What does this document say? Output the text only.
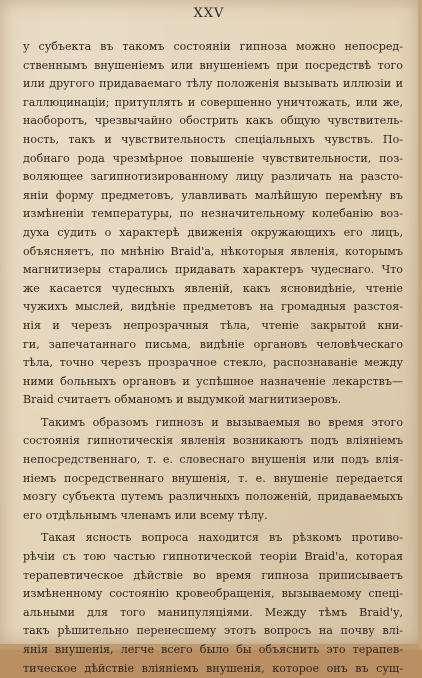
XXV
у субъекта въ такомъ состояніи гипноза можно непосред-
ственнымъ внушеніемъ или внушеніемъ при посредствѣ того
или другого придаваемаго тѣлу положенія вызывать иллюзіи и
галлюцинаціи; притуплять и совершенно уничтожать, или же,
наоборотъ, чрезвычайно обострить какъ общую чувствитель-
ность, такъ и чувствительность спеціальныхъ чувствъ. По-
добнаго рода чрезмѣрное повышеніе чувствительности, поз-
воляющее загипнотизированному лицу различать на разсто-
яніи форму предметовъ, улавливать малѣйшую перемѣну въ
измѣненіи температуры, по незначительному колебанію воз-
духа судить о характерѣ движенія окружающихъ его лицъ,
объясняетъ, по мнѣнію Braid'a, нѣкоторыя явленія, которымъ
магнитизеры старались придавать характеръ чудеснаго. Что
же касается чудесныхъ явленій, какъ ясновидѣніе, чтеніе
чужихъ мыслей, видѣніе предметовъ на громадныя разстоя-
нія и черезъ непрозрачныя тѣла, чтеніе закрытой кни-
ги, запечатаннаго письма, видѣніе органовъ человѣческаго
тѣла, точно черезъ прозрачное стекло, распознаваніе между
ними больныхъ органовъ и успѣшное назначеніе лекарствъ—
Braid считаетъ обманомъ и выдумкой магнитизеровъ.
Такимъ образомъ гипнозъ и вызываемыя во время этого
состоянія гипнотическія явленія возникаютъ подъ вліяніемъ
непосредственнаго, т. е. словеснаго внушенія или подъ влія-
ніемъ посредственнаго внушенія, т. е. внушеніе передается
мозгу субъекта путемъ различныхъ положеній, придаваемыхъ
его отдѣльнымъ членамъ или всему тѣлу.
Такая ясность вопроса находится въ рѣзкомъ противо-
рѣчіи съ тою частью гипнотической теоріи Braid'a, которая
терапевтическое дѣйствіе во время гипноза приписываетъ
измѣненному состоянію кровеобращенія, вызываемому спеці-
альными для того манипуляціями. Между тѣмъ Braid'у,
такъ рѣшительно перенесшему этотъ вопросъ на почву влі-
янія внушенія, легче всего было бы объяснить это терапев-
тическое дѣйствіе вліяніемъ внушенія, которое онъ въ сущ-
